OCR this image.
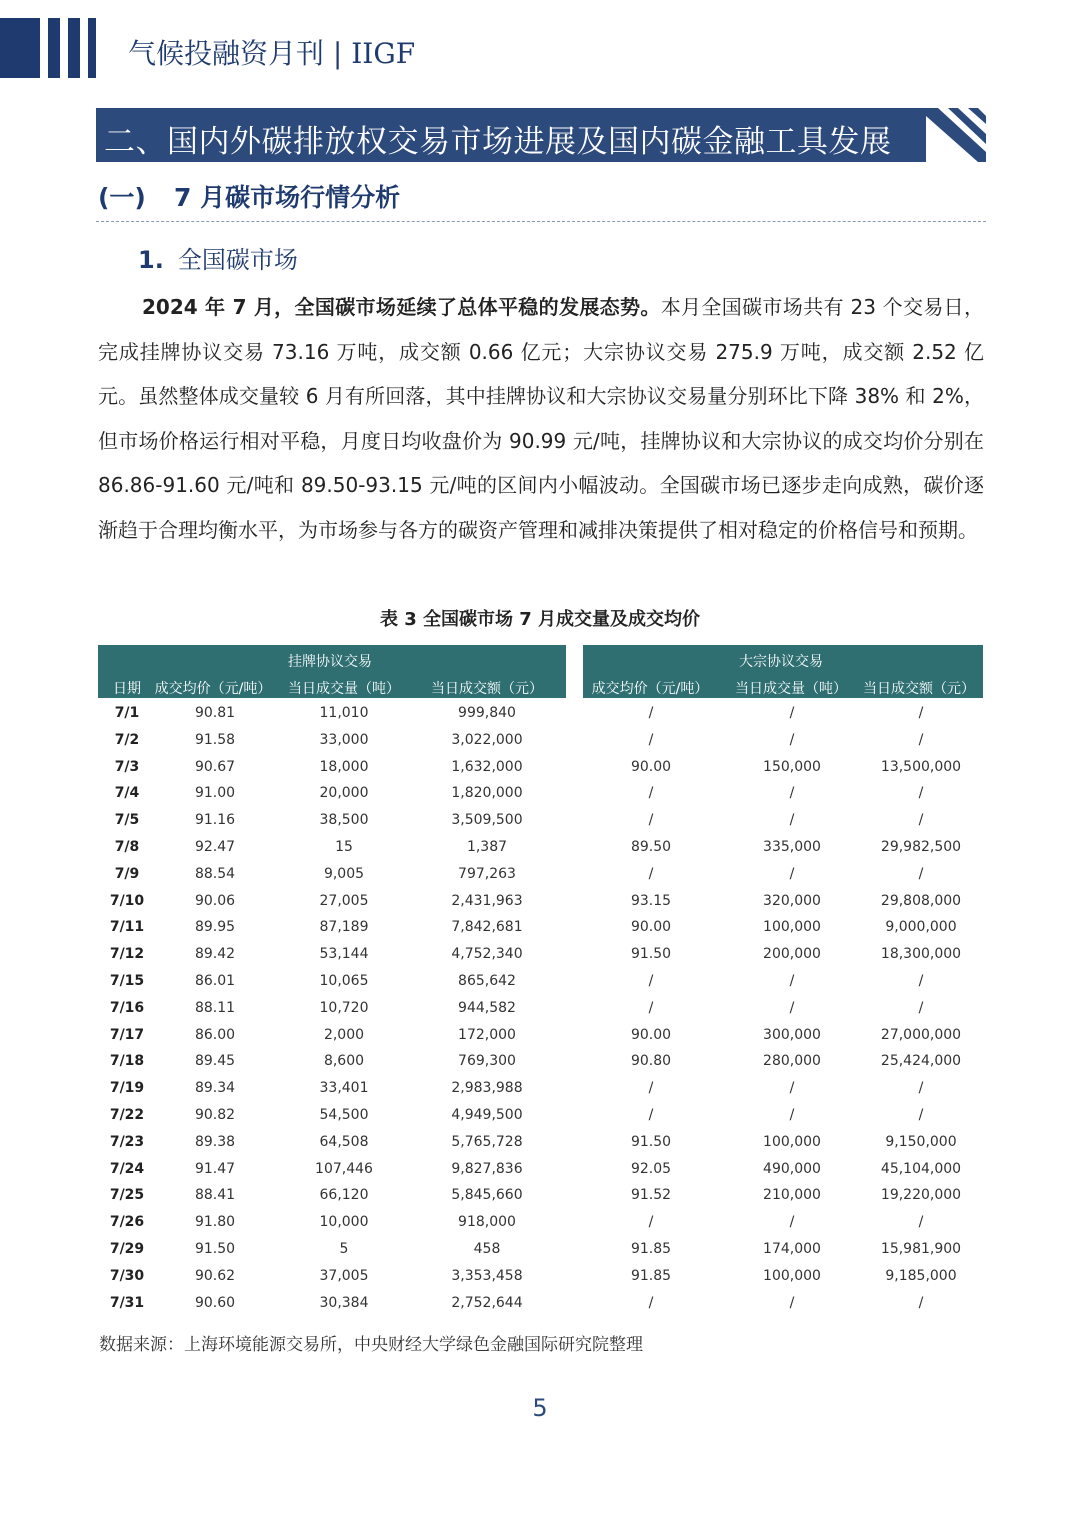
气候投融资月刊 | IIGF
二、国内外碳排放权交易市场进展及国内碳金融工具发展
(一) 7 月碳市场行情分析
1. 全国碳市场
2024 年 7 月，全国碳市场延续了总体平稳的发展态势。本月全国碳市场共有 23 个交易日，完成挂牌协议交易 73.16 万吨，成交额 0.66 亿元；大宗协议交易 275.9 万吨，成交额 2.52 亿元。虽然整体成交量较 6 月有所回落，其中挂牌协议和大宗协议交易量分别环比下降 38% 和 2%，但市场价格运行相对平稳，月度日均收盘价为 90.99 元/吨，挂牌协议和大宗协议的成交均价分别在 86.86-91.60 元/吨和 89.50-93.15 元/吨的区间内小幅波动。全国碳市场已逐步走向成熟，碳价逐渐趋于合理均衡水平，为市场参与各方的碳资产管理和减排决策提供了相对稳定的价格信号和预期。
表 3 全国碳市场 7 月成交量及成交均价
挂牌协议交易
日期 成交均价（元/吨） 当日成交量（吨） 当日成交额（元）
大宗协议交易
成交均价（元/吨） 当日成交量（吨） 当日成交额（元）
7/1	90.81	11,010	999,840	/	/	/
7/2	91.58	33,000	3,022,000	/	/	/
7/3	90.67	18,000	1,632,000	90.00	150,000	13,500,000
7/4	91.00	20,000	1,820,000	/	/	/
7/5	91.16	38,500	3,509,500	/	/	/
7/8	92.47	15	1,387	89.50	335,000	29,982,500
7/9	88.54	9,005	797,263	/	/	/
7/10	90.06	27,005	2,431,963	93.15	320,000	29,808,000
7/11	89.95	87,189	7,842,681	90.00	100,000	9,000,000
7/12	89.42	53,144	4,752,340	91.50	200,000	18,300,000
7/15	86.01	10,065	865,642	/	/	/
7/16	88.11	10,720	944,582	/	/	/
7/17	86.00	2,000	172,000	90.00	300,000	27,000,000
7/18	89.45	8,600	769,300	90.80	280,000	25,424,000
7/19	89.34	33,401	2,983,988	/	/	/
7/22	90.82	54,500	4,949,500	/	/	/
7/23	89.38	64,508	5,765,728	91.50	100,000	9,150,000
7/24	91.47	107,446	9,827,836	92.05	490,000	45,104,000
7/25	88.41	66,120	5,845,660	91.52	210,000	19,220,000
7/26	91.80	10,000	918,000	/	/	/
7/29	91.50	5	458	91.85	174,000	15,981,900
7/30	90.62	37,005	3,353,458	91.85	100,000	9,185,000
7/31	90.60	30,384	2,752,644	/	/	/
数据来源：上海环境能源交易所，中央财经大学绿色金融国际研究院整理
5
